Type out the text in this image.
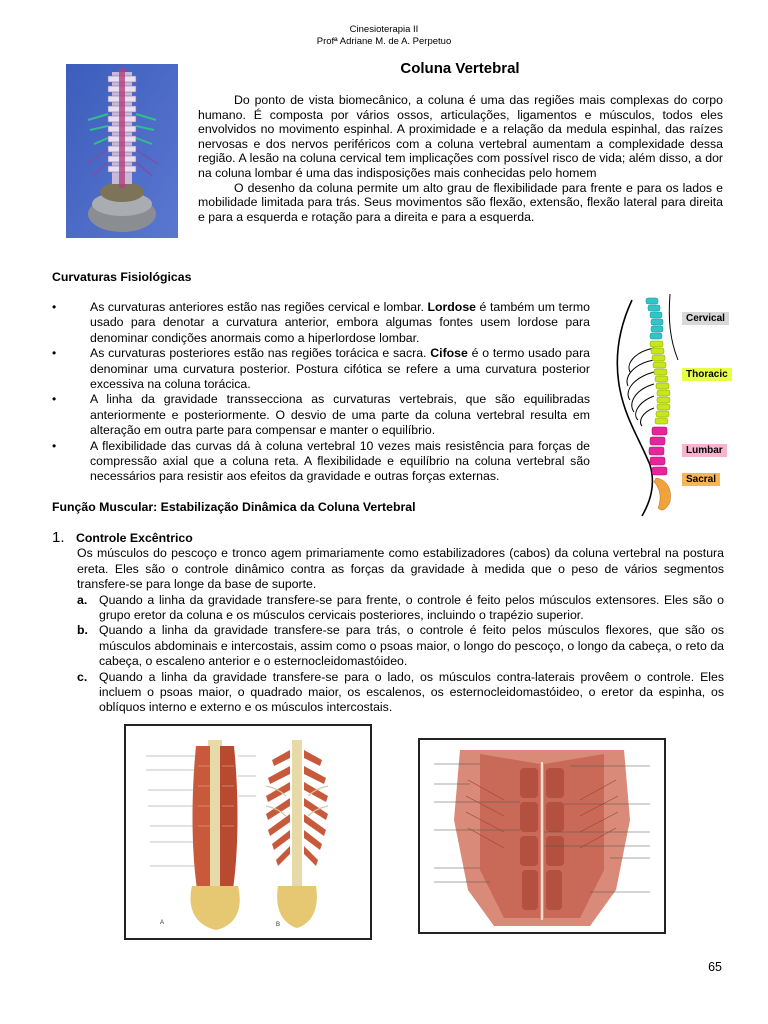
Cinesioterapia II
Profª Adriane M. de A. Perpetuo
Coluna Vertebral

Do ponto de vista biomecânico, a coluna é uma das regiões mais complexas do corpo humano. É composta por vários ossos, articulações, ligamentos e músculos, todos eles envolvidos no movimento espinhal. A proximidade e a relação da medula espinhal, das raízes nervosas e dos nervos periféricos com a coluna vertebral aumentam a complexidade dessa região. A lesão na coluna cervical tem implicações com possível risco de vida; além disso, a dor na coluna lombar é uma das indisposições mais conhecidas pelo homem

O desenho da coluna permite um alto grau de flexibilidade para frente e para os lados e mobilidade limitada para trás. Seus movimentos são flexão, extensão, flexão lateral para direita e para a esquerda e rotação para a direita e para a esquerda.

Curvaturas Fisiológicas
•	As curvaturas anteriores estão nas regiões cervical e lombar. Lordose é também um termo usado para denotar a curvatura anterior, embora algumas fontes usem lordose para denominar condições anormais como a hiperlordose lombar.
•	As curvaturas posteriores estão nas regiões torácica e sacra. Cifose é o termo usado para denominar uma curvatura posterior. Postura cifótica se refere a uma curvatura posterior excessiva na coluna torácica.
•	A linha da gravidade transsecciona as curvaturas vertebrais, que são equilibradas anteriormente e posteriormente. O desvio de uma parte da coluna vertebral resulta em alteração em outra parte para compensar e manter o equilíbrio.
•	A flexibilidade das curvas dá à coluna vertebral 10 vezes mais resistência para forças de compressão axial que a coluna reta. A flexibilidade e equilíbrio na coluna vertebral são necessários para resistir aos efeitos da gravidade e outras forças externas.
Cervical
Thoracic
Lumbar
Sacral
Função Muscular: Estabilização Dinâmica da Coluna Vertebral
1. Controle Excêntrico
Os músculos do pescoço e tronco agem primariamente como estabilizadores (cabos) da coluna vertebral na postura ereta. Eles são o controle dinâmico contra as forças da gravidade à medida que o peso de vários segmentos transfere-se para longe da base de suporte.
a. Quando a linha da gravidade transfere-se para frente, o controle é feito pelos músculos extensores. Eles são o grupo eretor da coluna e os músculos cervicais posteriores, incluindo o trapézio superior.
b. Quando a linha da gravidade transfere-se para trás, o controle é feito pelos músculos flexores, que são os músculos abdominais e intercostais, assim como o psoas maior, o longo do pescoço, o longo da cabeça, o reto da cabeça, o escaleno anterior e o esternocleidomastóideo.
c. Quando a linha da gravidade transfere-se para o lado, os músculos contra-laterais provêem o controle. Eles incluem o psoas maior, o quadrado maior, os escalenos, os esternocleidomastóideo, o eretor da espinha, os oblíquos interno e externo e os músculos intercostais.
A	B
65
